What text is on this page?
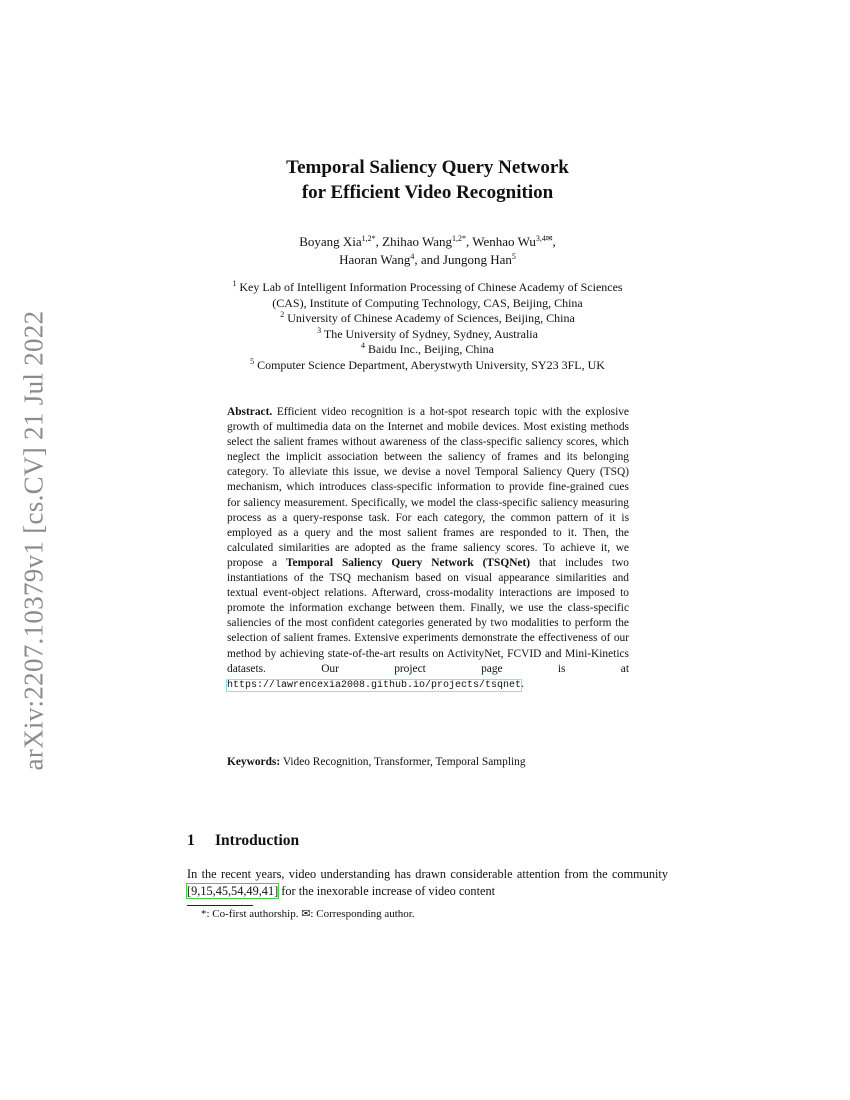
arXiv:2207.10379v1 [cs.CV] 21 Jul 2022
Temporal Saliency Query Network
for Efficient Video Recognition
Boyang Xia$^{1,2*}$, Zhihao Wang$^{1,2*}$, Wenhao $Wu^{3,4✉}$,
Haoran Wang$^4$, and Jungong Han$^5$
$^1$ Key Lab of Intelligent Information Processing of Chinese Academy of Sciences
(CAS), Institute of Computing Technology, CAS, Beijing, China
$^2$ University of Chinese Academy of Sciences, Beijing, China
$^3$ The University of Sydney, Sydney, Australia
$^4$ Baidu Inc., Beijing, China
$^5$ Computer Science Department, Aberystwyth University, SY23 3FL, UK
Abstract. Efficient video recognition is a hot-spot research topic with the explosive growth of multimedia data on the Internet and mobile devices. Most existing methods select the salient frames without awareness of the class-specific saliency scores, which neglect the implicit association between the saliency of frames and its belonging category. To alleviate this issue, we devise a novel Temporal Saliency Query (TSQ) mechanism, which introduces class-specific information to provide fine-grained cues for saliency measurement. Specifically, we model the class-specific saliency measuring process as a query-response task. For each category, the common pattern of it is employed as a query and the most salient frames are responded to it. Then, the calculated similarities are adopted as the frame saliency scores. To achieve it, we propose a Temporal Saliency Query Network (TSQNet) that includes two instantiations of the TSQ mechanism based on visual appearance similarities and textual event-object relations. Afterward, cross-modality interactions are imposed to promote the information exchange between them. Finally, we use the class-specific saliencies of the most confident categories generated by two modalities to perform the selection of salient frames. Extensive experiments demonstrate the effectiveness of our method by achieving state-of-the-art results on ActivityNet, FCVID and Mini-Kinetics datasets. Our project page is at https://lawrencexia2008.github.io/projects/tsqnet.
Keywords: Video Recognition, Transformer, Temporal Sampling
1 Introduction
In the recent years, video understanding has drawn considerable attention from the community [9,15,45,54,49,41] for the inexorable increase of video content
*: Co-first authorship. ✉: Corresponding author.
